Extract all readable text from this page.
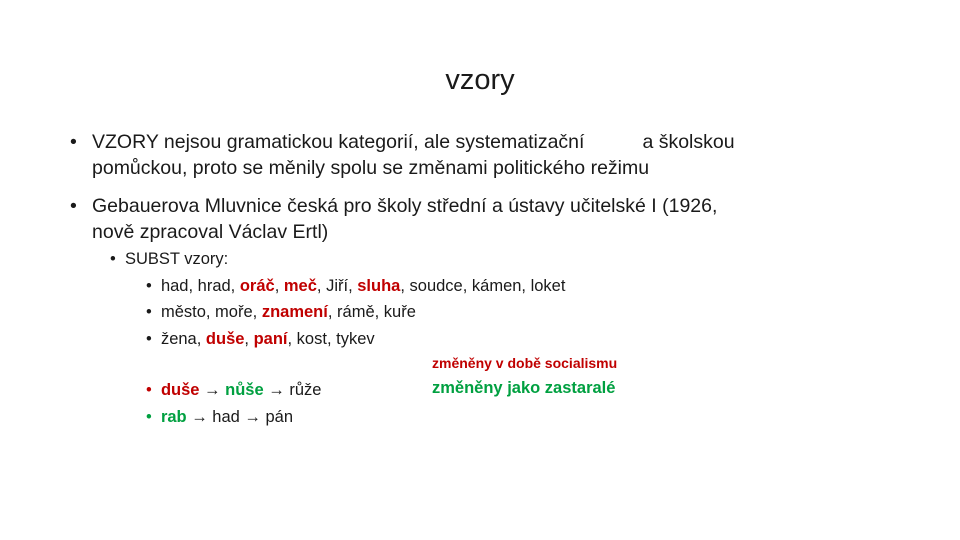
vzory
• VZORY nejsou gramatickou kategorií, ale systematizační	a školskou
pomůckou, proto se měnily spolu se změnami politického režimu
• Gebauerova Mluvnice česká pro školy střední a ústavy učitelské I (1926,
nově zpracoval Václav Ertl)
• SUBST vzory:
• had, hrad, oráč, meč, Jiří, sluha, soudce, kámen, loket
• město, moře, znamení, rámě, kuře
• žena, duše, paní, kost, tykev
změněny v době socialismu
změněny jako zastaralé
• duše → nůše → růže
• rab → had → pán
